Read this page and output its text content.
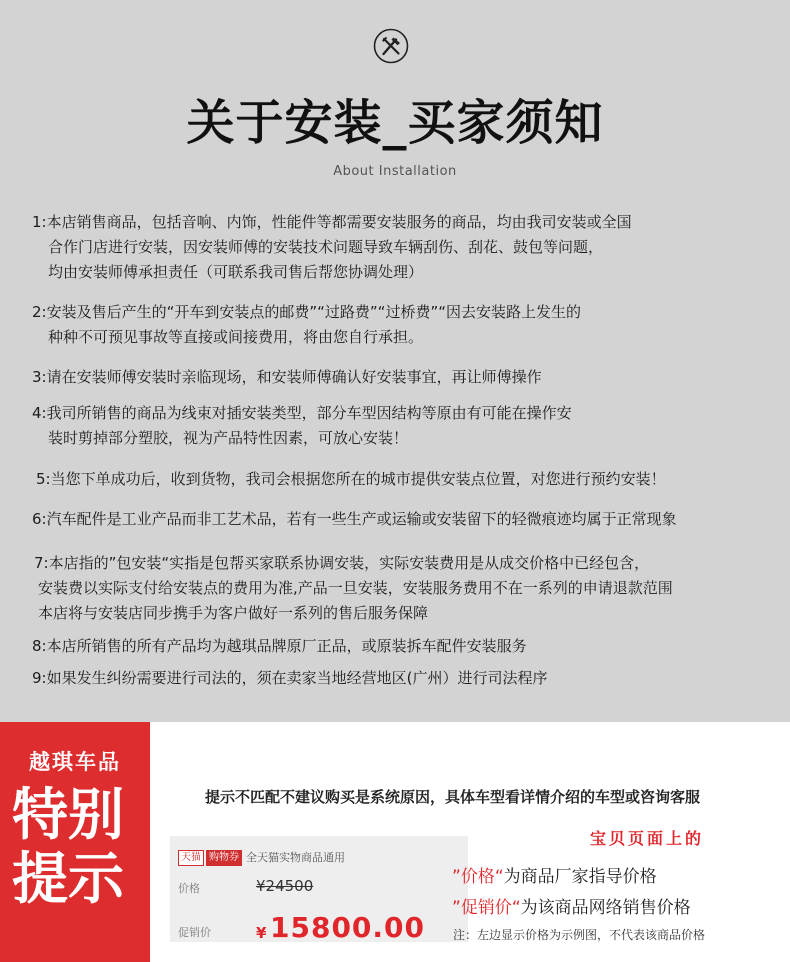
关于安装_买家须知
About Installation
1:本店销售商品，包括音响、内饰，性能件等都需要安装服务的商品，均由我司安装或全国
合作门店进行安装，因安装师傅的安装技术问题导致车辆刮伤、刮花、鼓包等问题，
均由安装师傅承担责任（可联系我司售后帮您协调处理）
2:安装及售后产生的“开车到安装点的邮费”“过路费”“过桥费”“因去安装路上发生的
种种不可预见事故等直接或间接费用，将由您自行承担。
3:请在安装师傅安装时亲临现场，和安装师傅确认好安装事宜，再让师傅操作
4:我司所销售的商品为线束对插安装类型，部分车型因结构等原由有可能在操作安
装时剪掉部分塑胶，视为产品特性因素，可放心安装！
5:当您下单成功后，收到货物，我司会根据您所在的城市提供安装点位置，对您进行预约安装！
6:汽车配件是工业产品而非工艺术品，若有一些生产或运输或安装留下的轻微痕迹均属于正常现象
7:本店指的”包安装“实指是包帮买家联系协调安装，实际安装费用是从成交价格中已经包含，
安装费以实际支付给安装点的费用为准,产品一旦安装，安装服务费用不在一系列的申请退款范围
本店将与安装店同步携手为客户做好一系列的售后服务保障
8:本店所销售的所有产品均为越琪品牌原厂正品，或原装拆车配件安装服务
9:如果发生纠纷需要进行司法的，须在卖家当地经营地区(广州）进行司法程序
越琪车品
特别
提示
提示不匹配不建议购买是系统原因，具体车型看详情介绍的车型或咨询客服
宝贝页面上的
天猫 购物券 全天猫实物商品通用
价格	¥24500
促销价	¥ 15800.00
”价格“为商品厂家指导价格
”促销价“为该商品网络销售价格
注：左边显示价格为示例图，不代表该商品价格
